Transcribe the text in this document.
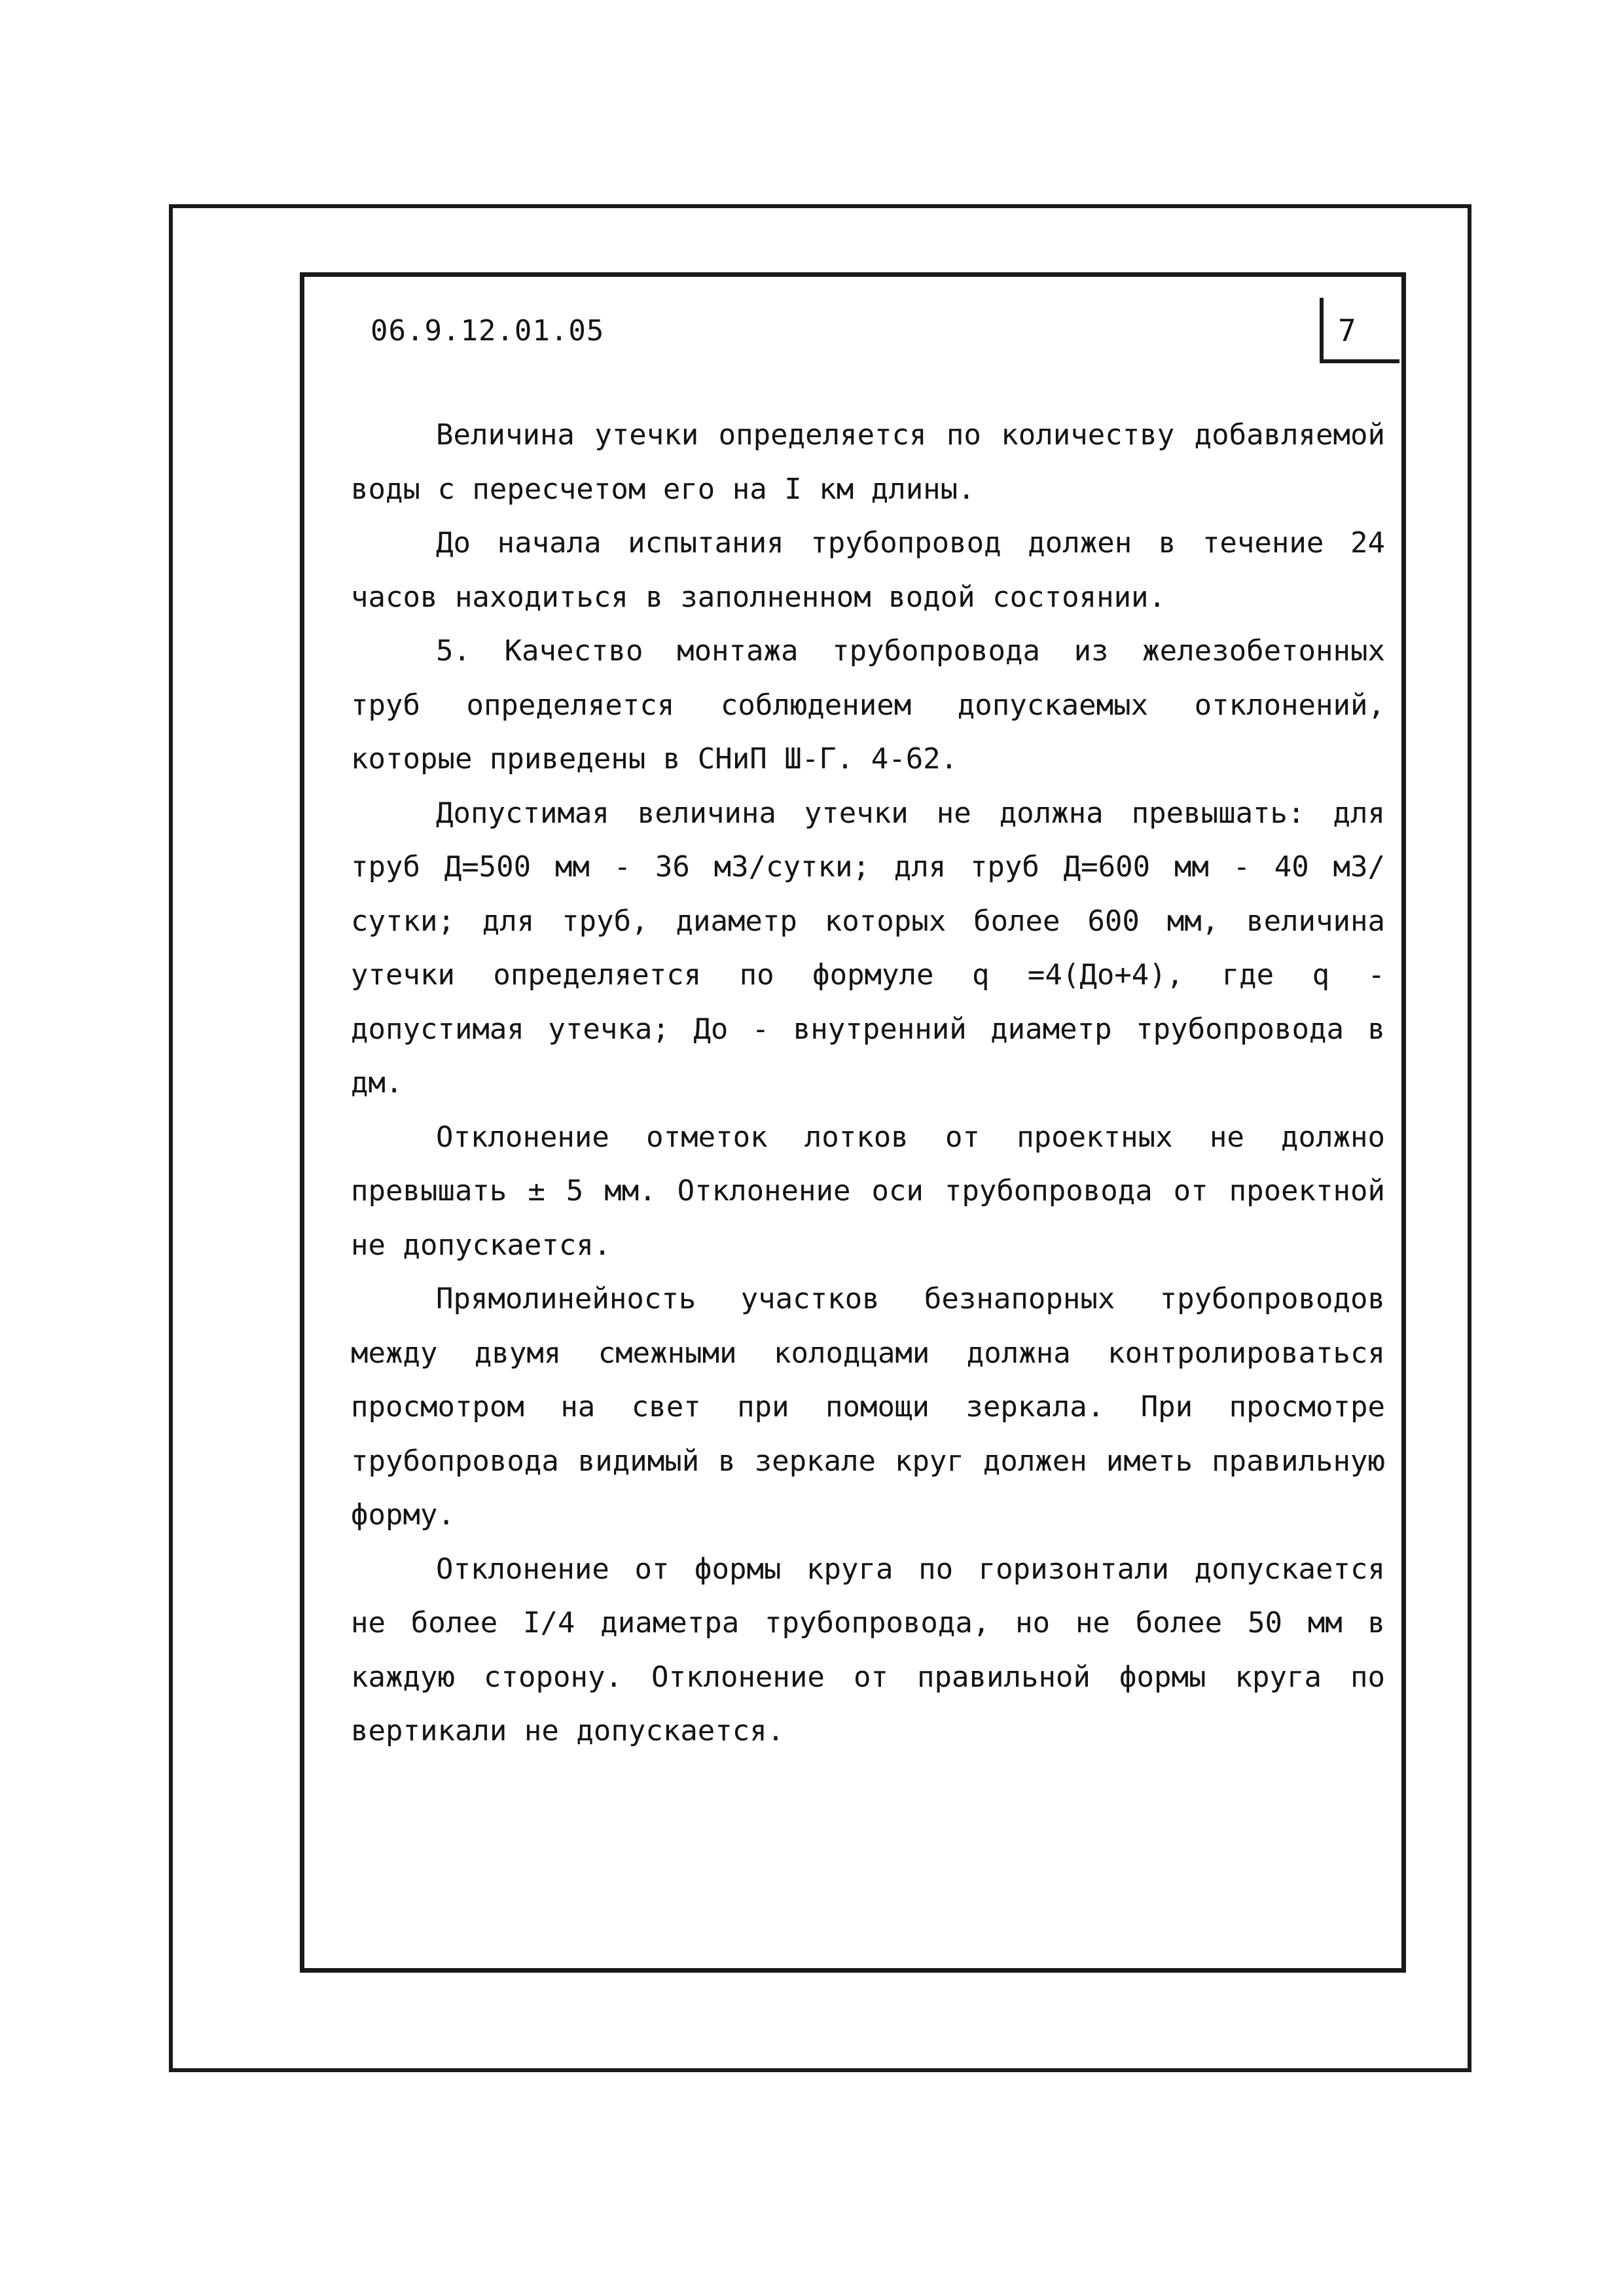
06.9.12.01.05	7

Величина утечки определяется по количеству добавляемой воды с пересчетом его на I км длины.

До начала испытания трубопровод должен в течение 24 часов находиться в заполненном водой состоянии.

5. Качество монтажа трубопровода из железобетонных труб определяется соблюдением допускаемых отклонений, которые приведены в СНиП Ш-Г. 4-62.

Допустимая величина утечки не должна превышать: для труб Д=500 мм - 36 м3/сутки; для труб Д=600 мм - 40 м3/сутки; для труб, диаметр которых более 600 мм, величина утечки определяется по формуле q =4(До+4), где q - допустимая утечка; До - внутренний диаметр трубопровода в дм.

Отклонение отметок лотков от проектных не должно превышать ± 5 мм. Отклонение оси трубопровода от проектной не допускается.

Прямолинейность участков безнапорных трубопроводов между двумя смежными колодцами должна контролироваться просмотром на свет при помощи зеркала. При просмотре трубопровода видимый в зеркале круг должен иметь правильную форму.

Отклонение от формы круга по горизонтали допускается не более I/4 диаметра трубопровода, но не более 50 мм в каждую сторону. Отклонение от правильной формы круга по вертикали не допускается.
